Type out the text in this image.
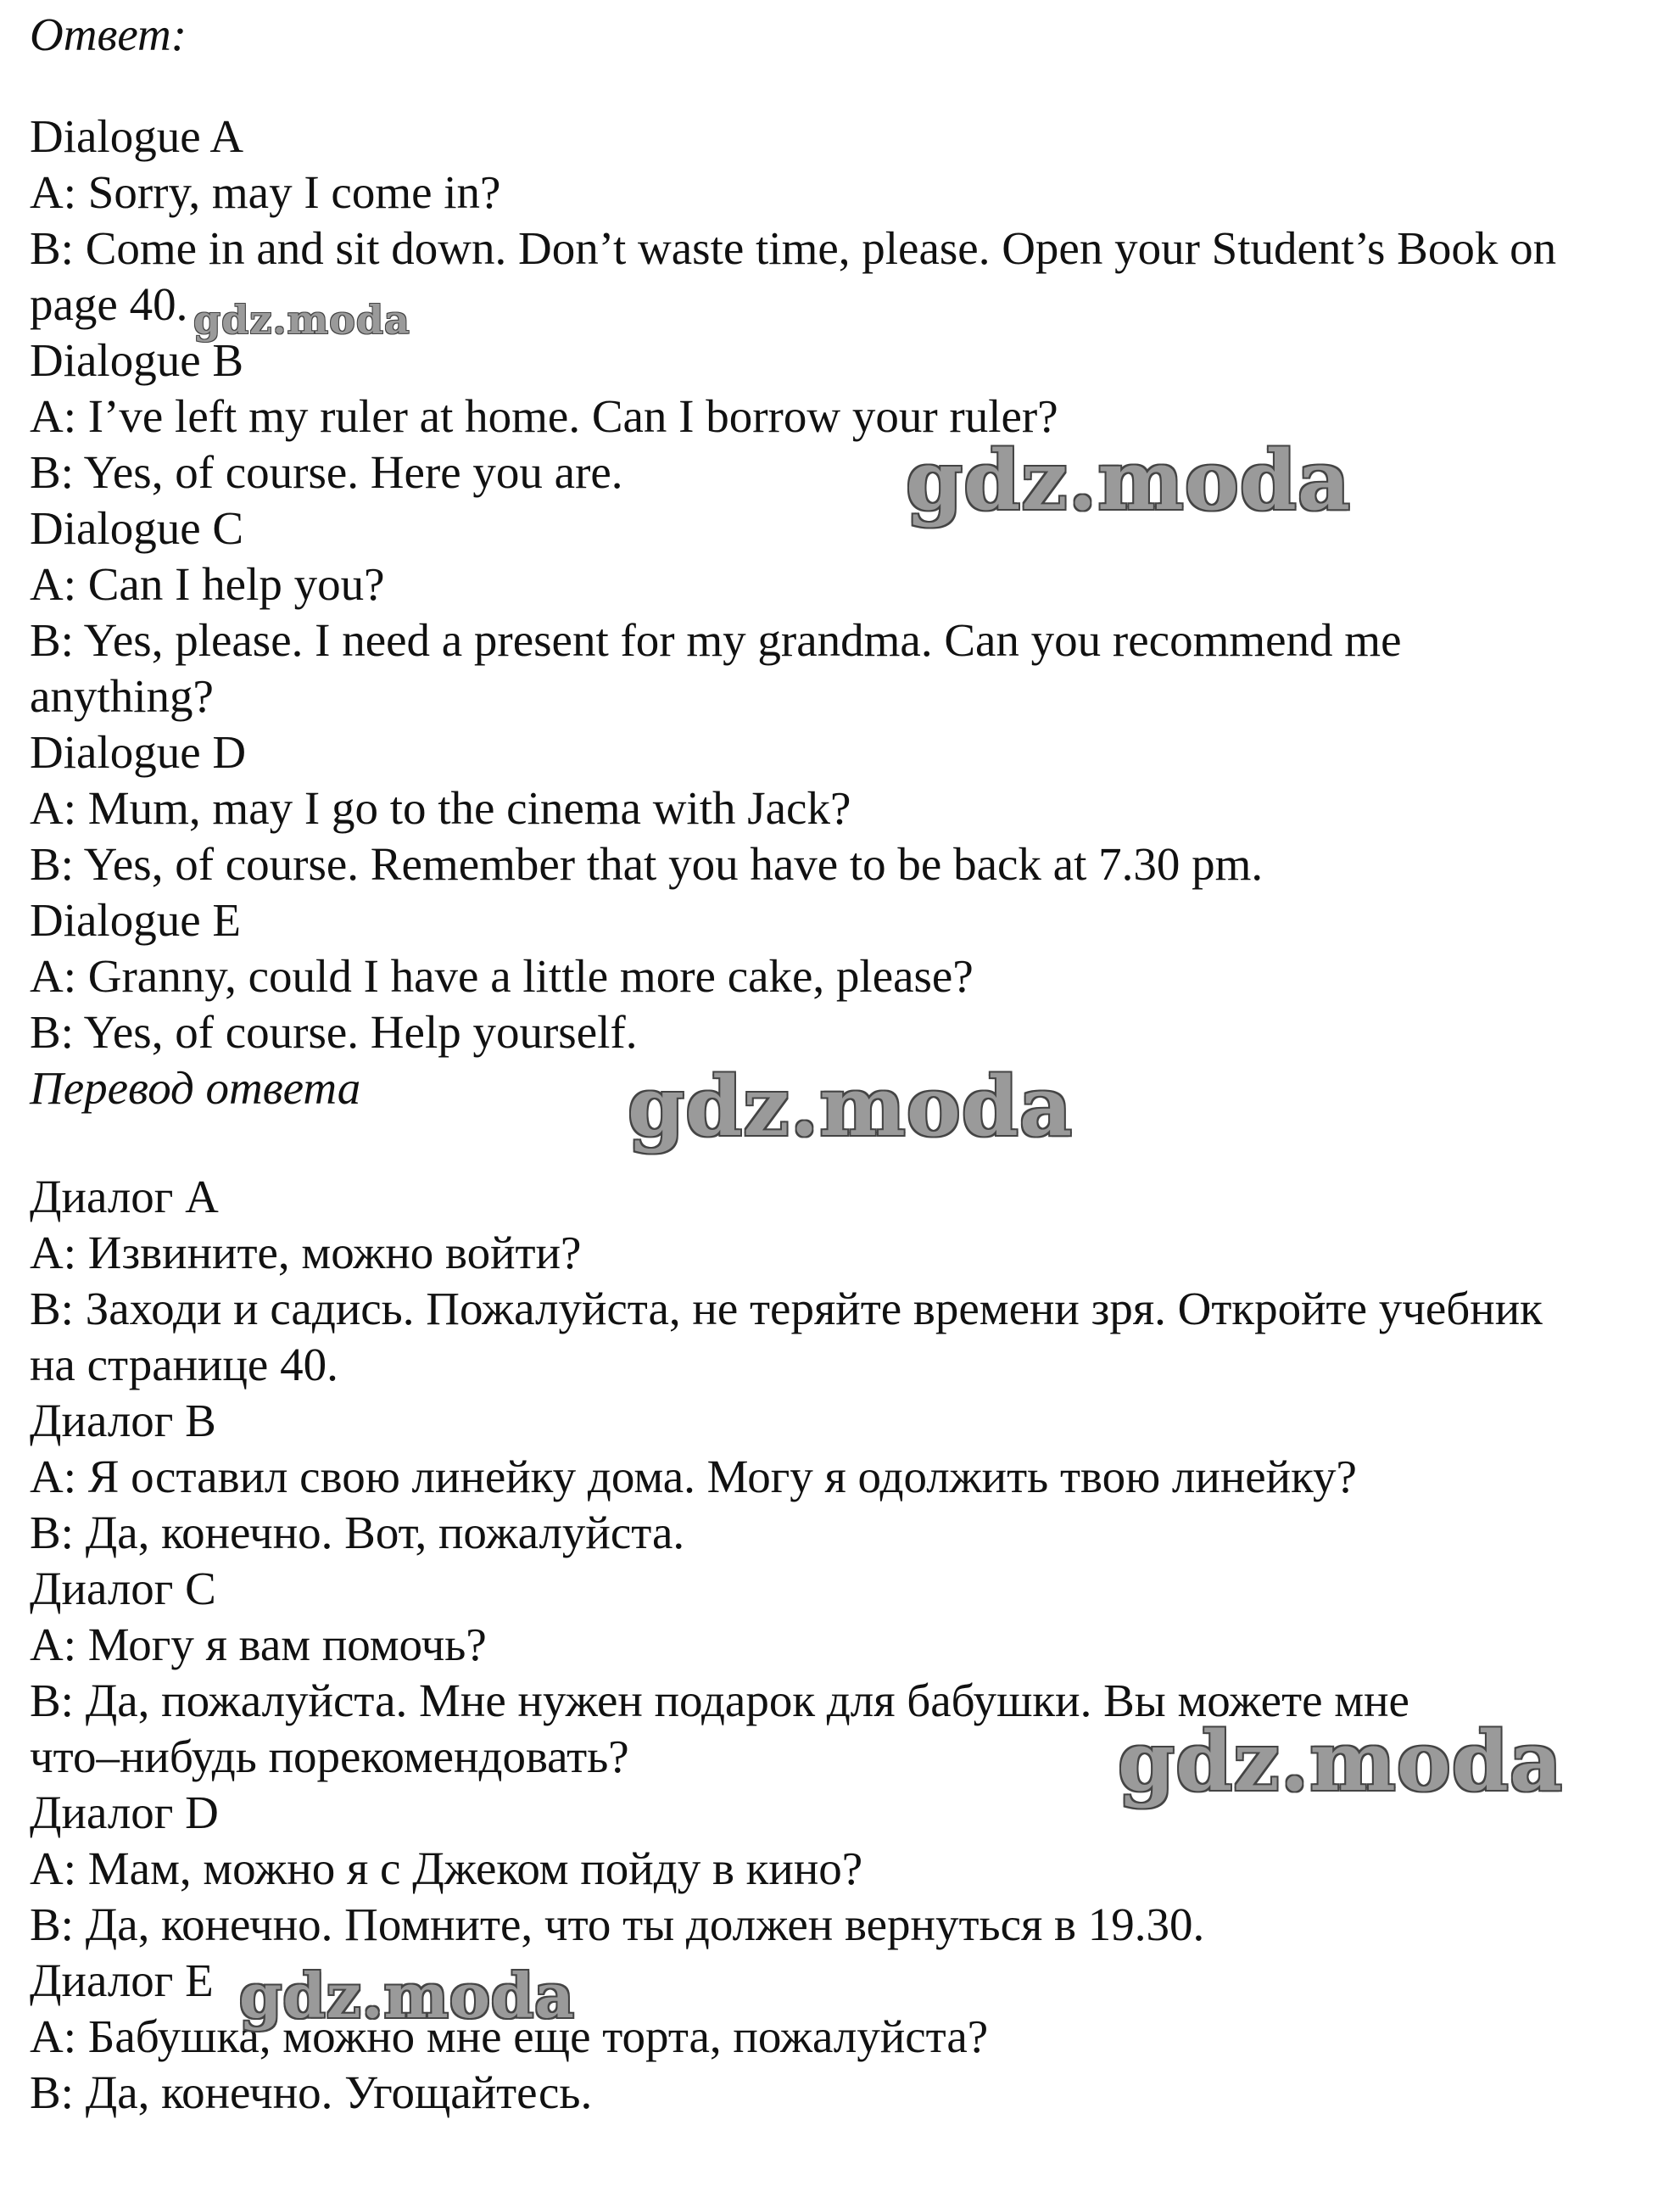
Ответ:
Dialogue A
A: Sorry, may I come in?
B: Come in and sit down. Don’t waste time, please. Open your Student’s Book on
page 40.
Dialogue B
A: I’ve left my ruler at home. Can I borrow your ruler?
B: Yes, of course. Here you are.
Dialogue C
A: Can I help you?
B: Yes, please. I need a present for my grandma. Can you recommend me
anything?
Dialogue D
A: Mum, may I go to the cinema with Jack?
B: Yes, of course. Remember that you have to be back at 7.30 pm.
Dialogue E
A: Granny, could I have a little more cake, please?
B: Yes, of course. Help yourself.
Перевод ответа
Диалог A
A: Извините, можно войти?
B: Заходи и садись. Пожалуйста, не теряйте времени зря. Откройте учебник
на странице 40.
Диалог B
A: Я оставил свою линейку дома. Могу я одолжить твою линейку?
B: Да, конечно. Вот, пожалуйста.
Диалог C
A: Могу я вам помочь?
B: Да, пожалуйста. Мне нужен подарок для бабушки. Вы можете мне
что–нибудь порекомендовать?
Диалог D
A: Мам, можно я с Джеком пойду в кино?
B: Да, конечно. Помните, что ты должен вернуться в 19.30.
Диалог E
A: Бабушка, можно мне еще торта, пожалуйста?
B: Да, конечно. Угощайтесь.
gdz.moda
gdz.moda
gdz.moda
gdz.moda
gdz.moda
